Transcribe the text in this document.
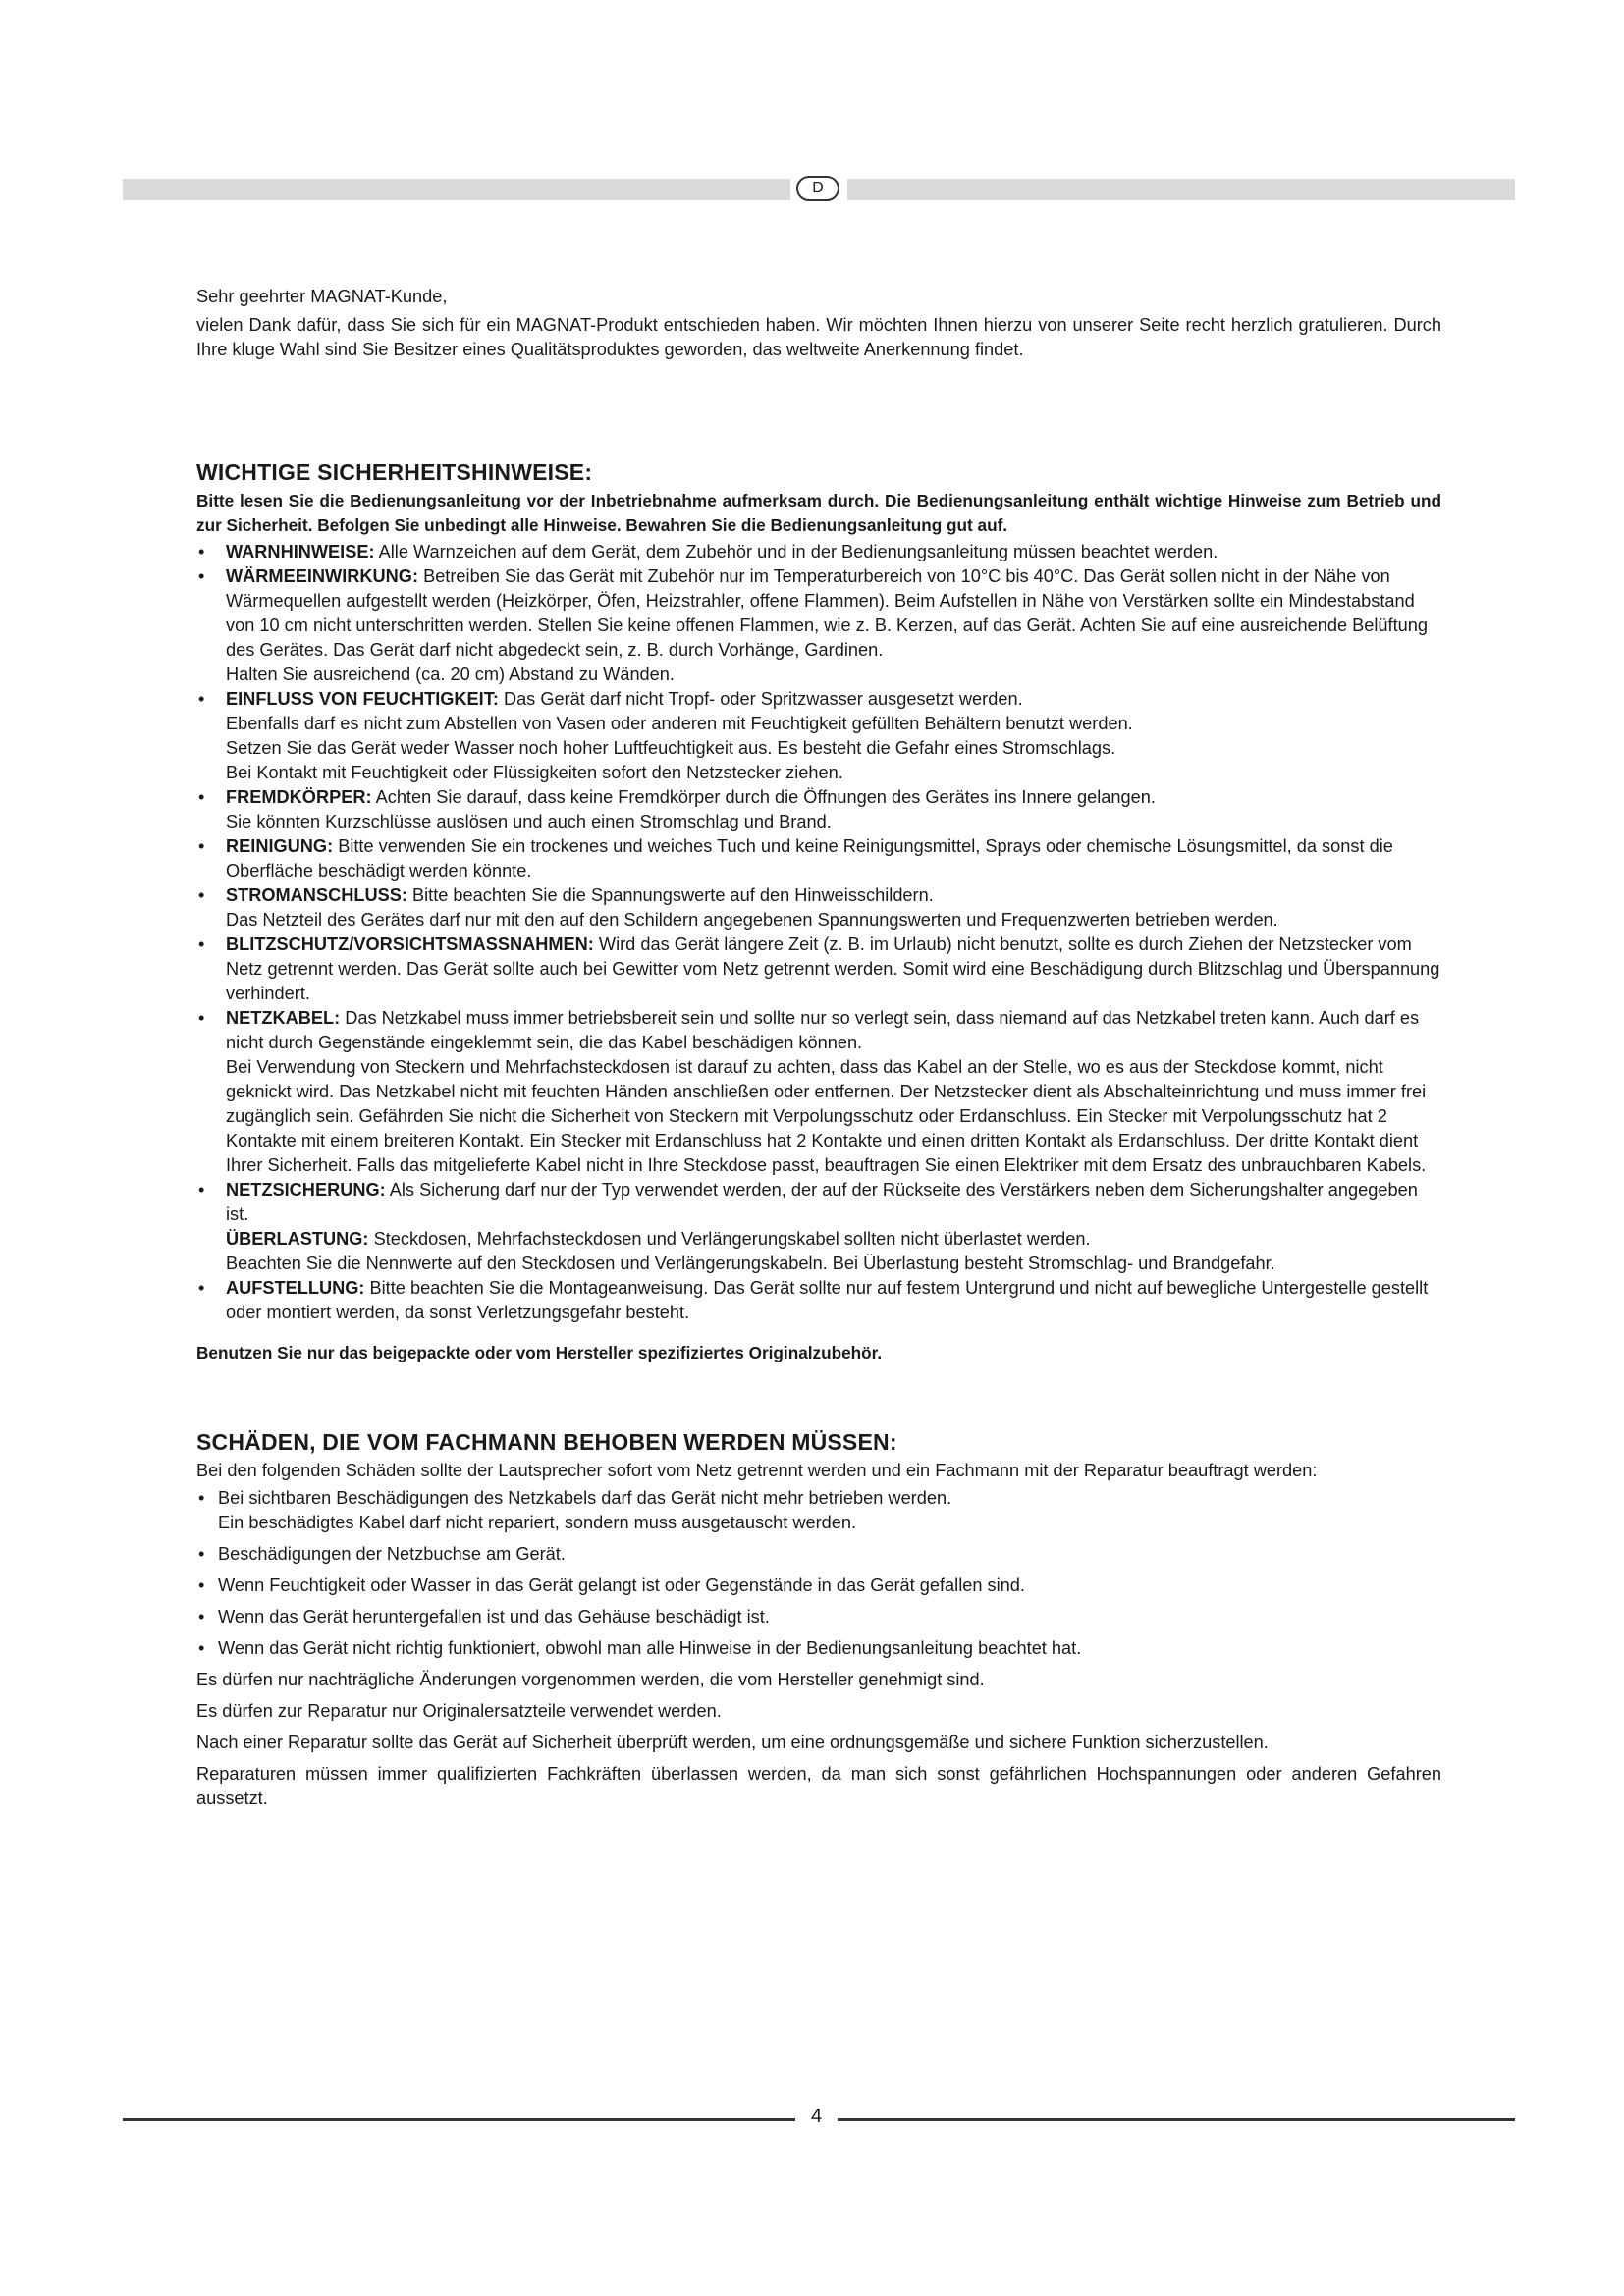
D

Sehr geehrter MAGNAT-Kunde,

vielen Dank dafür, dass Sie sich für ein MAGNAT-Produkt entschieden haben. Wir möchten Ihnen hierzu von unserer Seite recht herzlich gratulieren. Durch Ihre kluge Wahl sind Sie Besitzer eines Qualitätsproduktes geworden, das weltweite Anerkennung findet.

WICHTIGE SICHERHEITSHINWEISE:

Bitte lesen Sie die Bedienungsanleitung vor der Inbetriebnahme aufmerksam durch. Die Bedienungsanleitung enthält wichtige Hinweise zum Betrieb und zur Sicherheit. Befolgen Sie unbedingt alle Hinweise. Bewahren Sie die Bedienungsanleitung gut auf.

• WARNHINWEISE: Alle Warnzeichen auf dem Gerät, dem Zubehör und in der Bedienungsanleitung müssen beachtet werden.
• WÄRMEEINWIRKUNG: Betreiben Sie das Gerät mit Zubehör nur im Temperaturbereich von 10°C bis 40°C. Das Gerät sollen nicht in der Nähe von Wärmequellen aufgestellt werden (Heizkörper, Öfen, Heizstrahler, offene Flammen). Beim Aufstellen in Nähe von Verstärken sollte ein Mindestabstand von 10 cm nicht unterschritten werden. Stellen Sie keine offenen Flammen, wie z. B. Kerzen, auf das Gerät. Achten Sie auf eine ausreichende Belüftung des Gerätes. Das Gerät darf nicht abgedeckt sein, z. B. durch Vorhänge, Gardinen.
Halten Sie ausreichend (ca. 20 cm) Abstand zu Wänden.
• EINFLUSS VON FEUCHTIGKEIT: Das Gerät darf nicht Tropf- oder Spritzwasser ausgesetzt werden.
Ebenfalls darf es nicht zum Abstellen von Vasen oder anderen mit Feuchtigkeit gefüllten Behältern benutzt werden.
Setzen Sie das Gerät weder Wasser noch hoher Luftfeuchtigkeit aus. Es besteht die Gefahr eines Stromschlags.
Bei Kontakt mit Feuchtigkeit oder Flüssigkeiten sofort den Netzstecker ziehen.
• FREMDKÖRPER: Achten Sie darauf, dass keine Fremdkörper durch die Öffnungen des Gerätes ins Innere gelangen.
Sie könnten Kurzschlüsse auslösen und auch einen Stromschlag und Brand.
• REINIGUNG: Bitte verwenden Sie ein trockenes und weiches Tuch und keine Reinigungsmittel, Sprays oder chemische Lösungsmittel, da sonst die Oberfläche beschädigt werden könnte.
• STROMANSCHLUSS: Bitte beachten Sie die Spannungswerte auf den Hinweisschildern.
Das Netzteil des Gerätes darf nur mit den auf den Schildern angegebenen Spannungswerten und Frequenzwerten betrieben werden.
• BLITZSCHUTZ/VORSICHTSMASSNAHMEN: Wird das Gerät längere Zeit (z. B. im Urlaub) nicht benutzt, sollte es durch Ziehen der Netzstecker vom Netz getrennt werden. Das Gerät sollte auch bei Gewitter vom Netz getrennt werden. Somit wird eine Beschädigung durch Blitzschlag und Überspannung verhindert.
• NETZKABEL: Das Netzkabel muss immer betriebsbereit sein und sollte nur so verlegt sein, dass niemand auf das Netzkabel treten kann. Auch darf es nicht durch Gegenstände eingeklemmt sein, die das Kabel beschädigen können.
Bei Verwendung von Steckern und Mehrfachsteckdosen ist darauf zu achten, dass das Kabel an der Stelle, wo es aus der Steckdose kommt, nicht geknickt wird. Das Netzkabel nicht mit feuchten Händen anschließen oder entfernen. Der Netzstecker dient als Abschalteinrichtung und muss immer frei zugänglich sein. Gefährden Sie nicht die Sicherheit von Steckern mit Verpolungsschutz oder Erdanschluss. Ein Stecker mit Verpolungsschutz hat 2 Kontakte mit einem breiteren Kontakt. Ein Stecker mit Erdanschluss hat 2 Kontakte und einen dritten Kontakt als Erdanschluss. Der dritte Kontakt dient Ihrer Sicherheit. Falls das mitgelieferte Kabel nicht in Ihre Steckdose passt, beauftragen Sie einen Elektriker mit dem Ersatz des unbrauchbaren Kabels.
• NETZSICHERUNG: Als Sicherung darf nur der Typ verwendet werden, der auf der Rückseite des Verstärkers neben dem Sicherungshalter angegeben ist.
ÜBERLASTUNG: Steckdosen, Mehrfachsteckdosen und Verlängerungskabel sollten nicht überlastet werden.
Beachten Sie die Nennwerte auf den Steckdosen und Verlängerungskabeln. Bei Überlastung besteht Stromschlag- und Brandgefahr.
• AUFSTELLUNG: Bitte beachten Sie die Montageanweisung. Das Gerät sollte nur auf festem Untergrund und nicht auf bewegliche Untergestelle gestellt oder montiert werden, da sonst Verletzungsgefahr besteht.

Benutzen Sie nur das beigepackte oder vom Hersteller spezifiziertes Originalzubehör.

SCHÄDEN, DIE VOM FACHMANN BEHOBEN WERDEN MÜSSEN:

Bei den folgenden Schäden sollte der Lautsprecher sofort vom Netz getrennt werden und ein Fachmann mit der Reparatur beauftragt werden:

• Bei sichtbaren Beschädigungen des Netzkabels darf das Gerät nicht mehr betrieben werden.
Ein beschädigtes Kabel darf nicht repariert, sondern muss ausgetauscht werden.
• Beschädigungen der Netzbuchse am Gerät.
• Wenn Feuchtigkeit oder Wasser in das Gerät gelangt ist oder Gegenstände in das Gerät gefallen sind.
• Wenn das Gerät heruntergefallen ist und das Gehäuse beschädigt ist.
• Wenn das Gerät nicht richtig funktioniert, obwohl man alle Hinweise in der Bedienungsanleitung beachtet hat.

Es dürfen nur nachträgliche Änderungen vorgenommen werden, die vom Hersteller genehmigt sind.

Es dürfen zur Reparatur nur Originalersatzteile verwendet werden.

Nach einer Reparatur sollte das Gerät auf Sicherheit überprüft werden, um eine ordnungsgemäße und sichere Funktion sicherzustellen.

Reparaturen müssen immer qualifizierten Fachkräften überlassen werden, da man sich sonst gefährlichen Hochspannungen oder anderen Gefahren aussetzt.

4
